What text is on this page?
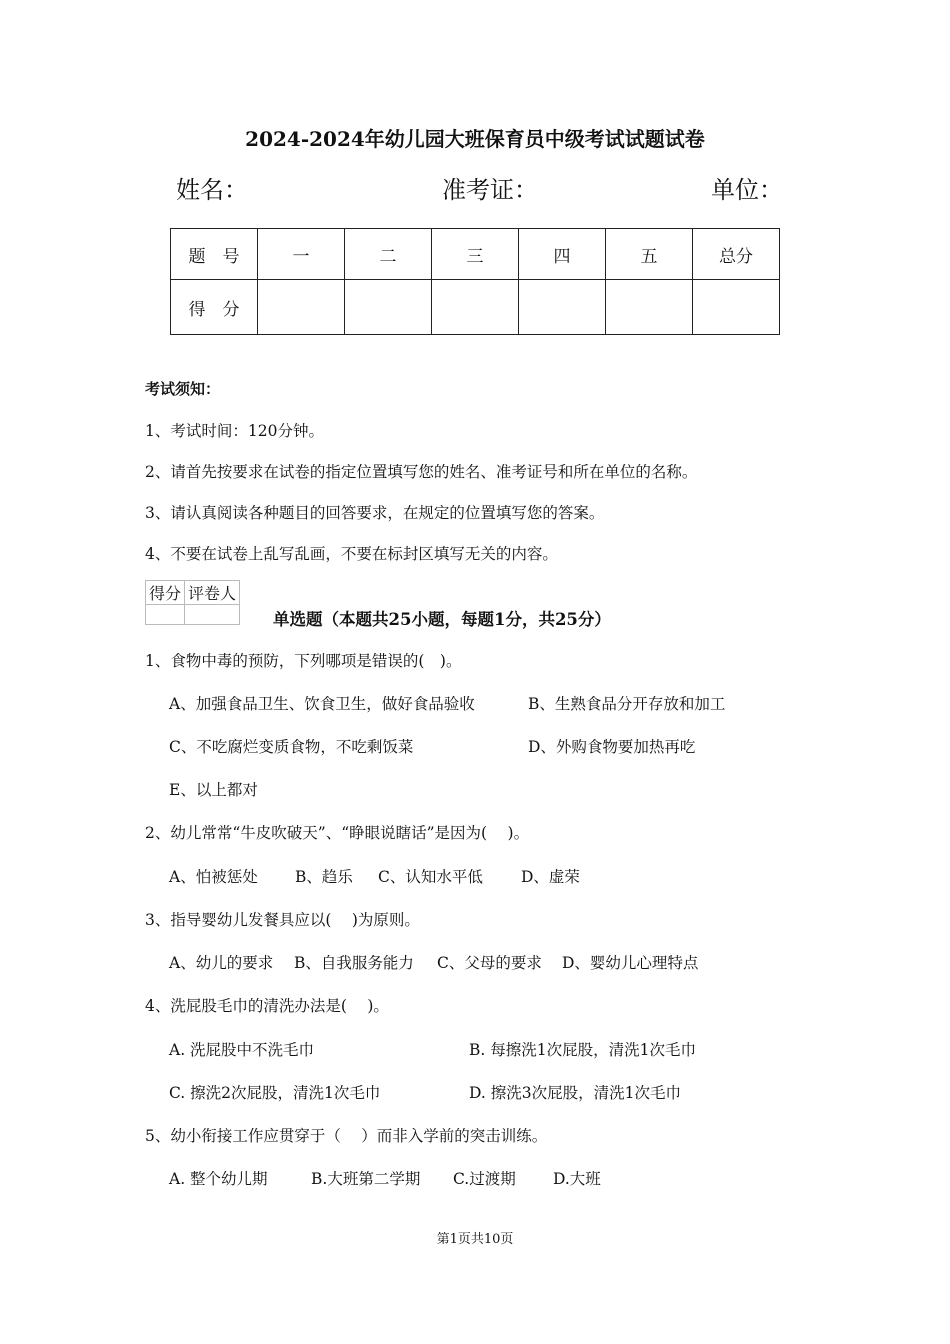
2024-2024年幼儿园大班保育员中级考试试题试卷
姓名：	准考证：	单位：
题　号	一	二	三	四	五	总分
得　分						
考试须知：
1、考试时间：120分钟。
2、请首先按要求在试卷的指定位置填写您的姓名、准考证号和所在单位的名称。
3、请认真阅读各种题目的回答要求，在规定的位置填写您的答案。
4、不要在试卷上乱写乱画，不要在标封区填写无关的内容。
得分	评卷人

单选题（本题共25小题，每题1分，共25分）
1、食物中毒的预防，下列哪项是错误的(　)。
A、加强食品卫生、饮食卫生，做好食品验收	B、生熟食品分开存放和加工
C、不吃腐烂变质食物，不吃剩饭菜	D、外购食物要加热再吃
E、以上都对
2、幼儿常常“牛皮吹破天”、“睁眼说瞎话”是因为(　 )。
A、怕被惩处 B、趋乐 C、认知水平低 D、虚荣
3、指导婴幼儿发餐具应以(　 )为原则。
A、幼儿的要求 B、自我服务能力 C、父母的要求 D、婴幼儿心理特点
4、洗屁股毛巾的清洗办法是(　 )。
A. 洗屁股中不洗毛巾	B. 每擦洗1次屁股，清洗1次毛巾
C. 擦洗2次屁股，清洗1次毛巾	D. 擦洗3次屁股，清洗1次毛巾
5、幼小衔接工作应贯穿于（　 ）而非入学前的突击训练。
A. 整个幼儿期	B.大班第二学期 C.过渡期 D.大班
第1页共10页
